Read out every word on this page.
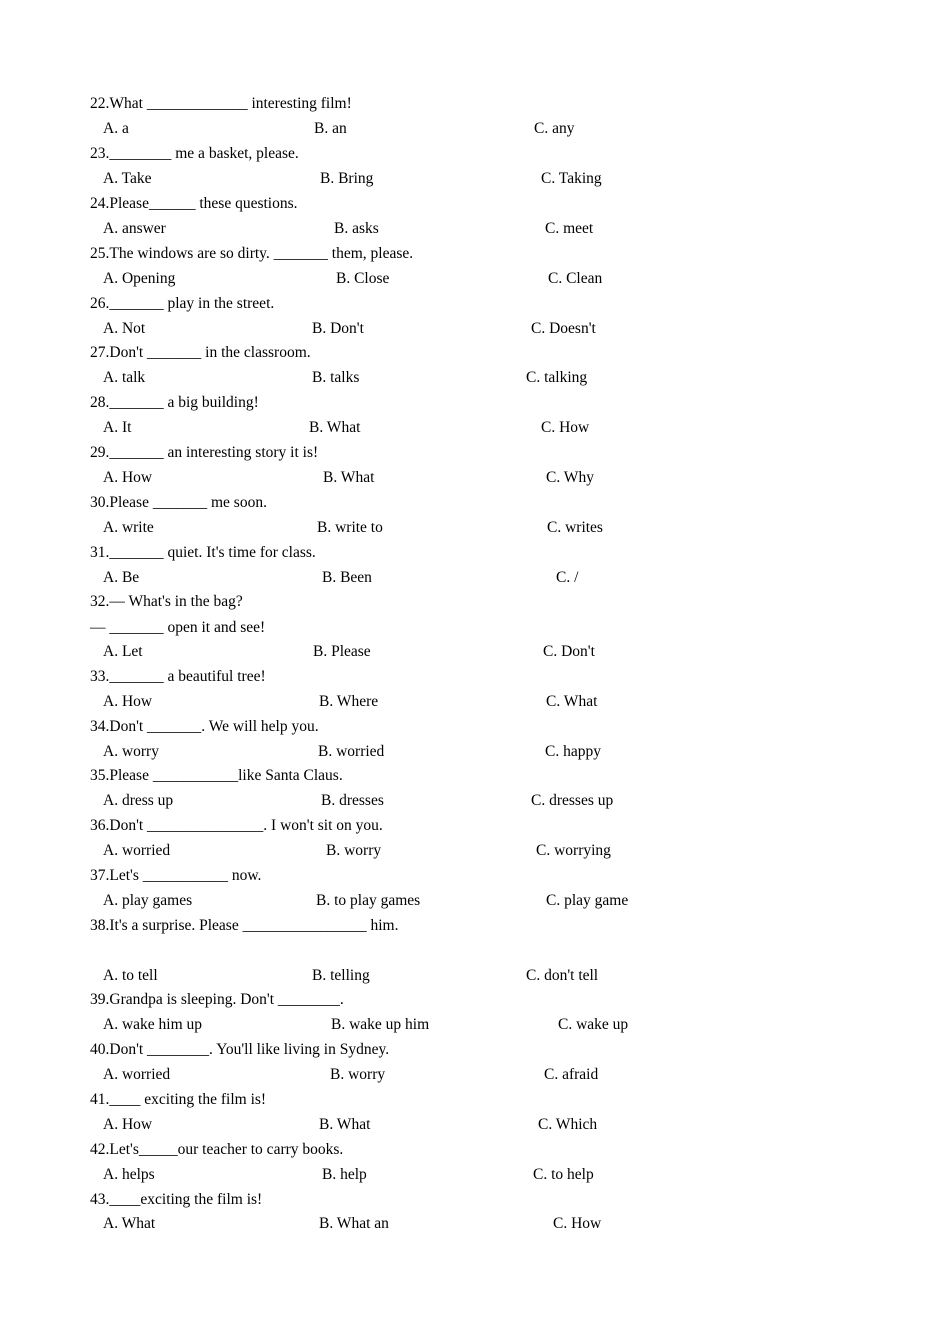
22.What _____________ interesting film!

A. a

	B. an

	C. any

23.________ me a basket, please.

A. Take

	B. Bring

	C. Taking

24.Please______ these questions.

A. answer

	B. asks

	C. meet

25.The windows are so dirty. _______ them, please.

A. Opening

	B. Close

	C. Clean

26._______ play in the street.

A. Not

	B. Don't

	C. Doesn't

27.Don't _______ in the classroom.

A. talk

	B. talks

	C. talking

28._______ a big building!

A. It

	B. What

	C. How

29._______ an interesting story it is!

A. How

	B. What

	C. Why

30.Please _______ me soon.

A. write

	B. write to

	C. writes

31._______ quiet. It's time for class.

A. Be

	B. Been

	C. /

32.— What's in the bag?
— _______ open it and see!

A. Let

	B. Please

	C. Don't

33._______ a beautiful tree!

A. How

	B. Where

	C. What

34.Don't _______. We will help you.

A. worry

	B. worried

	C. happy

35.Please ___________like Santa Claus.

A. dress up

	B. dresses

	C. dresses up

36.Don't _______________. I won't sit on you.

A. worried

	B. worry

	C. worrying

37.Let's ___________ now.

A. play games

	B. to play games

	C. play game

38.It's a surprise. Please ________________ him.

A. to tell

	B. telling

	C. don't tell

39.Grandpa is sleeping. Don't ________.

A. wake him up

	B. wake up him

	C. wake up

40.Don't ________. You'll like living in Sydney.

A. worried

	B. worry

	C. afraid

41.____ exciting the film is!

A. How

	B. What

	C. Which

42.Let's_____our teacher to carry books.

A. helps

	B. help

	C. to help

43.____exciting the film is!

A. What

	B. What an

	C. How
